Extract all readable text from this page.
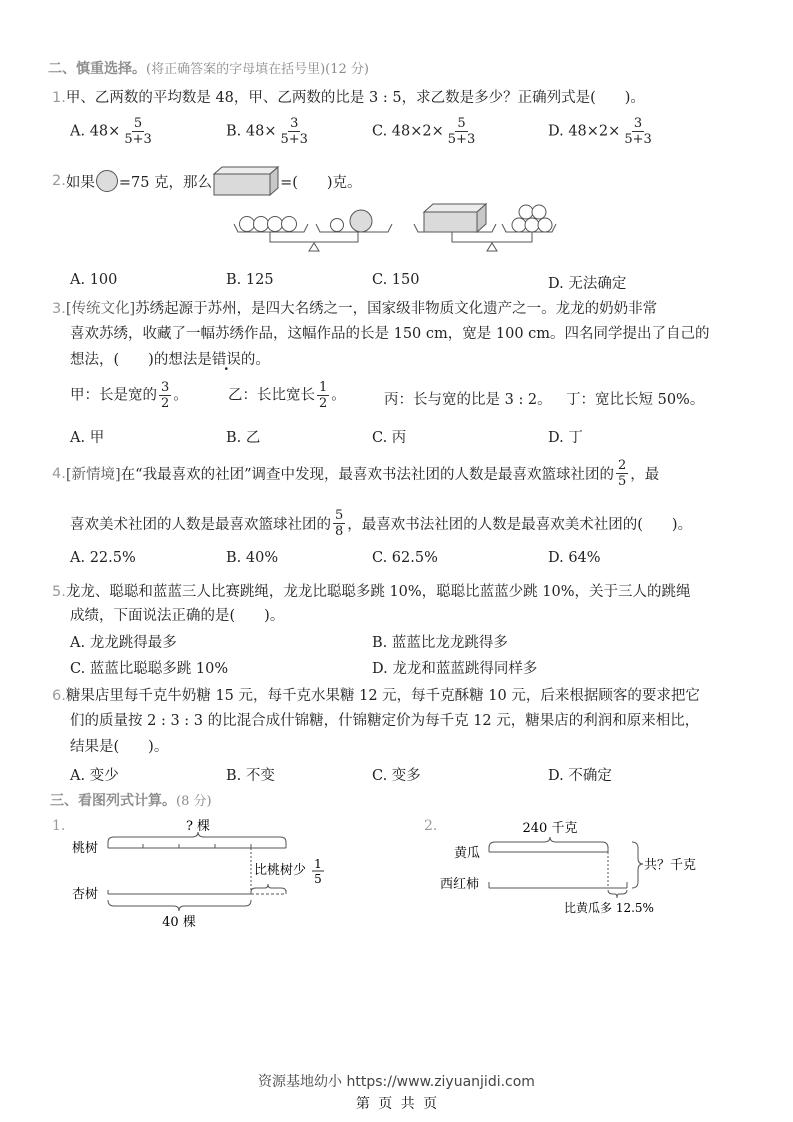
二、慎重选择。(将正确答案的字母填在括号里)(12 分)
1.甲、乙两数的平均数是 48，甲、乙两数的比是 3 : 5，求乙数是多少？正确列式是(　　)。
A. $48\times \frac{5}{5+3}$	B. $48\times \frac{3}{5+3}$	C. $48\times 2\times \frac{5}{5+3}$	D. $48\times 2\times \frac{3}{5+3}$
2. 如果 =75 克，那么	=(　　)克。
A. 100	B. 125	C. 150	D. 无法确定
3.[传统文化]苏绣起源于苏州，是四大名绣之一，国家级非物质文化遗产之一。龙龙的奶奶非常
喜欢苏绣，收藏了一幅苏绣作品，这幅作品的长是 150 cm，宽是 100 cm。四名同学提出了自己的
想法，(　　)的想法是错误的。
甲：长是宽的 $\frac{3}{2}$ 。	乙：长比宽长 $\frac{1}{2}$ 。	丙：长与宽的比是 3 : 2。 丁：宽比长短 50%。
A. 甲	B. 乙	C. 丙	D. 丁
4. [新情境] 在“我最喜欢的社团”调查中发现，最喜欢书法社团的人数是最喜欢篮球社团的 $\frac{2}{5}$ ，最
喜欢美术社团的人数是最喜欢篮球社团的 $\frac{5}{8}$ ，最喜欢书法社团的人数是最喜欢美术社团的(　　)。
A. 22.5%	B. 40%	C. 62.5%	D. 64%
5.龙龙、聪聪和蓝蓝三人比赛跳绳，龙龙比聪聪多跳 10%，聪聪比蓝蓝少跳 10%，关于三人的跳绳
成绩，下面说法正确的是(　　)。
A. 龙龙跳得最多	B. 蓝蓝比龙龙跳得多
C. 蓝蓝比聪聪多跳 10%	D. 龙龙和蓝蓝跳得同样多
6.糖果店里每千克牛奶糖 15 元，每千克水果糖 12 元，每千克酥糖 10 元，后来根据顾客的要求把它
们的质量按 2 : 3 : 3 的比混合成什锦糖，什锦糖定价为每千克 12 元，糖果店的利润和原来相比，
结果是(　　)。
A. 变少	B. 不变	C. 变多	D. 不确定
三、看图列式计算。(8 分)
1.	? 棵
桃树
比桃树少 1
5
杏树
40 棵
2.	240 千克
黄瓜
西红柿
共？千克
比黄瓜多 12.5%
资源基地幼小 https://www.ziyuanjidi.com
第 页 共 页
